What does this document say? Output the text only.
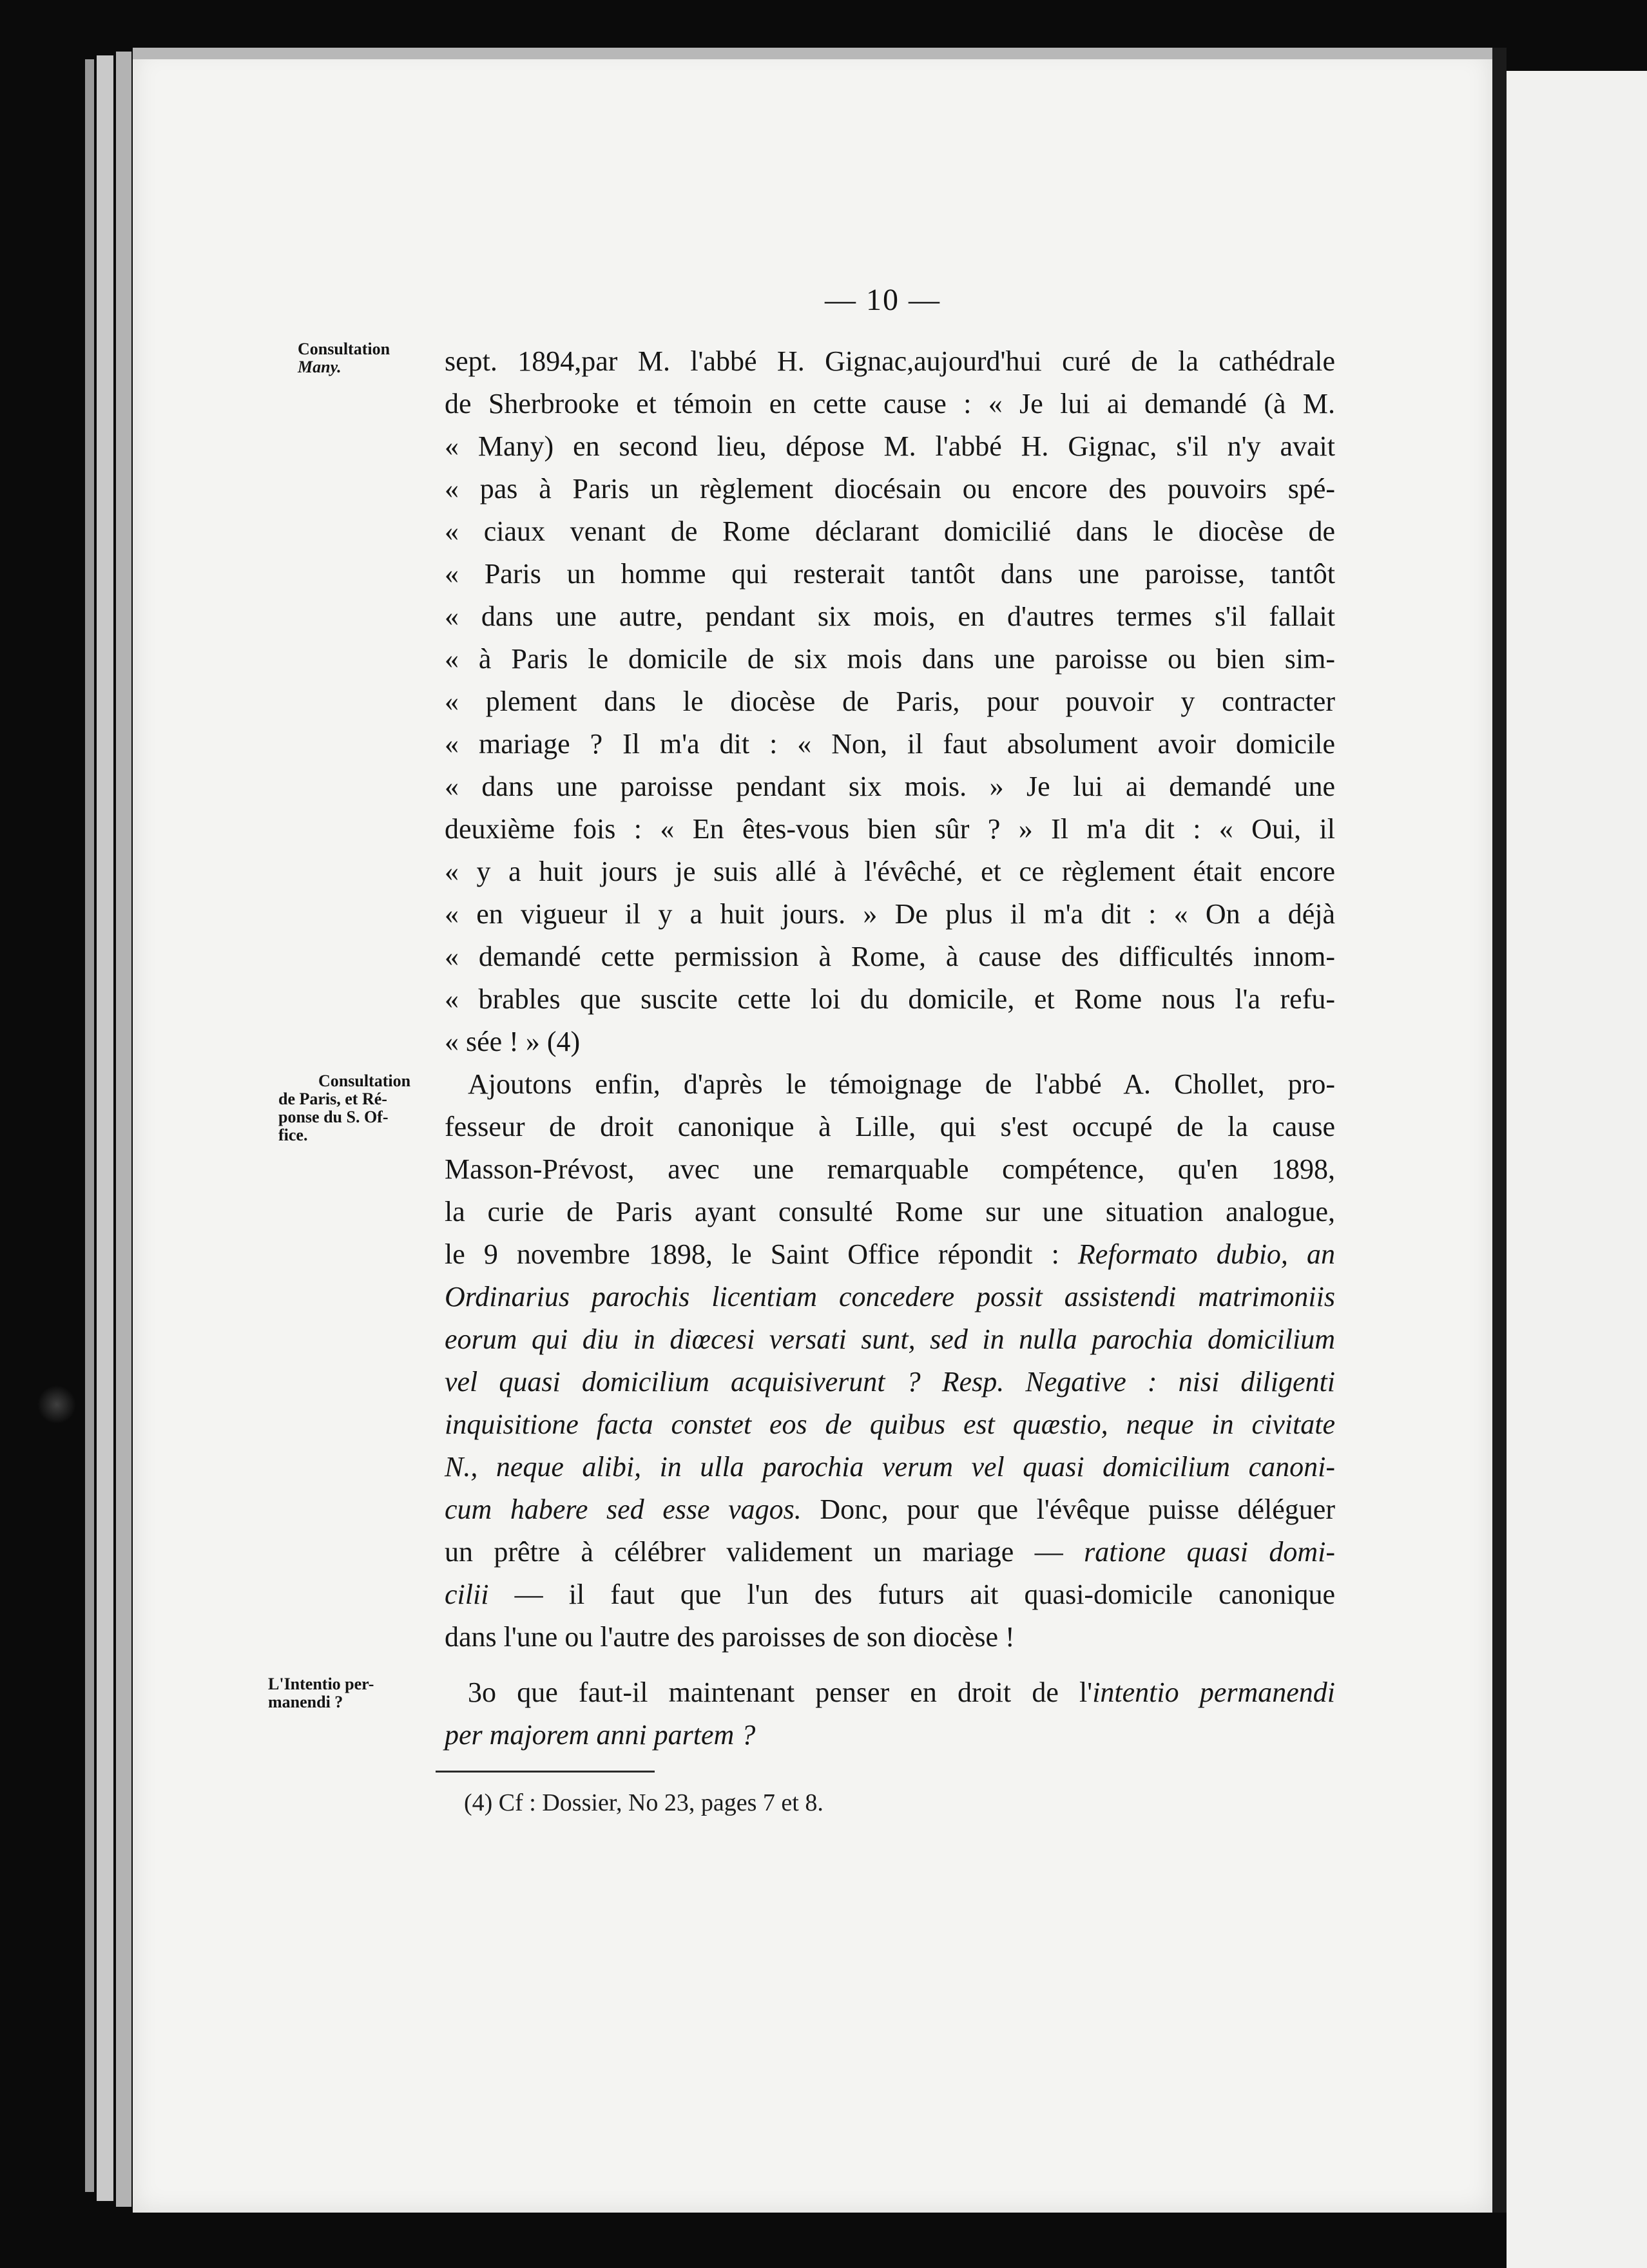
— 10 —
Consultation
Many.
Consultation
de Paris, et Ré-
ponse du S. Of-
fice.
L'Intentio per-
manendi ?
sept. 1894,par M. l'abbé H. Gignac,aujourd'hui curé de la cathédrale
de Sherbrooke et témoin en cette cause : « Je lui ai demandé (à M.
« Many) en second lieu, dépose M. l'abbé H. Gignac, s'il n'y avait
« pas à Paris un règlement diocésain ou encore des pouvoirs spé-
« ciaux venant de Rome déclarant domicilié dans le diocèse de
« Paris un homme qui resterait tantôt dans une paroisse, tantôt
« dans une autre, pendant six mois, en d'autres termes s'il fallait
« à Paris le domicile de six mois dans une paroisse ou bien sim-
« plement dans le diocèse de Paris, pour pouvoir y contracter
« mariage ? Il m'a dit : « Non, il faut absolument avoir domicile
« dans une paroisse pendant six mois. » Je lui ai demandé une
deuxième fois : « En êtes-vous bien sûr ? » Il m'a dit : « Oui, il
« y a huit jours je suis allé à l'évêché, et ce règlement était encore
« en vigueur il y a huit jours. » De plus il m'a dit : « On a déjà
« demandé cette permission à Rome, à cause des difficultés innom-
« brables que suscite cette loi du domicile, et Rome nous l'a refu-
« sée ! » (4)
Ajoutons enfin, d'après le témoignage de l'abbé A. Chollet, pro-
fesseur de droit canonique à Lille, qui s'est occupé de la cause
Masson-Prévost, avec une remarquable compétence, qu'en 1898,
la curie de Paris ayant consulté Rome sur une situation analogue,
le 9 novembre 1898, le Saint Office répondit : Reformato dubio, an
Ordinarius parochis licentiam concedere possit assistendi matrimoniis
eorum qui diu in diœcesi versati sunt, sed in nulla parochia domicilium
vel quasi domicilium acquisiverunt ? Resp. Negative : nisi diligenti
inquisitione facta constet eos de quibus est quæstio, neque in civitate
N., neque alibi, in ulla parochia verum vel quasi domicilium canoni-
cum habere sed esse vagos. Donc, pour que l'évêque puisse déléguer
un prêtre à célébrer validement un mariage — ratione quasi domi-
cilii — il faut que l'un des futurs ait quasi-domicile canonique
dans l'une ou l'autre des paroisses de son diocèse !
3o que faut-il maintenant penser en droit de l'intentio permanendi
per majorem anni partem ?
(4) Cf : Dossier, No 23, pages 7 et 8.
